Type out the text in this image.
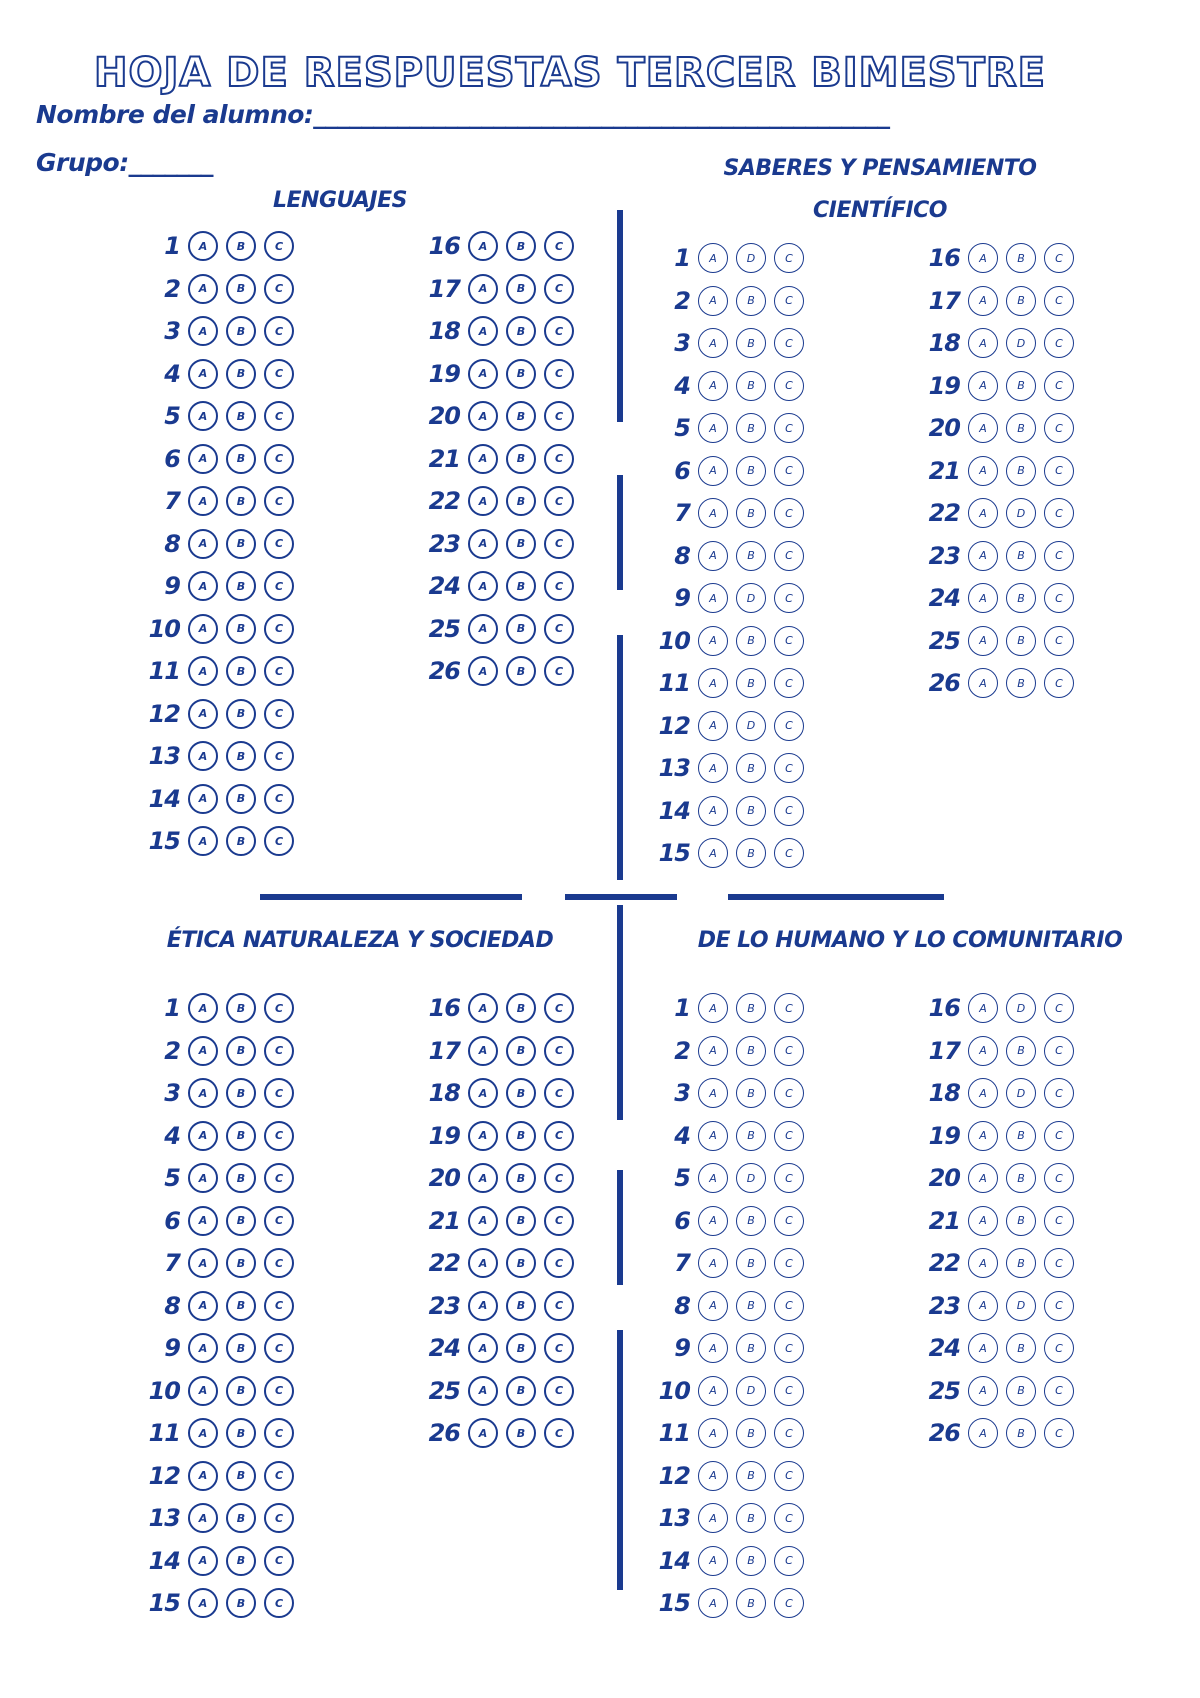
HOJA DE RESPUESTAS TERCER BIMESTRE
Nombre del alumno:________________________________________________
Grupo:_______
LENGUAJES
SABERES Y PENSAMIENTO CIENTÍFICO
ÉTICA NATURALEZA Y SOCIEDAD	DE LO HUMANO Y LO COMUNITARIO
1	A	B	C
2	A	B	C
3	A	B	C
4	A	B	C
5	A	B	C
6	A	B	C
7	A	B	C
8	A	B	C
9	A	B	C
10	A	B	C
11	A	B	C
12	A	B	C
13	A	B	C
14	A	B	C
15	A	B	C
16	A	B	C
17	A	B	C
18	A	B	C
19	A	B	C
20	A	B	C
21	A	B	C
22	A	B	C
23	A	B	C
24	A	B	C
25	A	B	C
26	A	B	C
1	A	D	C
2	A	B	C
3	A	B	C
4	A	B	C
5	A	B	C
6	A	B	C
7	A	B	C
8	A	B	C
9	A	D	C
10	A	B	C
11	A	B	C
12	A	D	C
13	A	B	C
14	A	B	C
15	A	B	C
16	A	B	C
17	A	B	C
18	A	D	C
19	A	B	C
20	A	B	C
21	A	B	C
22	A	D	C
23	A	B	C
24	A	B	C
25	A	B	C
26	A	B	C
1	A	B	C
2	A	B	C
3	A	B	C
4	A	B	C
5	A	B	C
6	A	B	C
7	A	B	C
8	A	B	C
9	A	B	C
10	A	B	C
11	A	B	C
12	A	B	C
13	A	B	C
14	A	B	C
15	A	B	C
16	A	B	C
17	A	B	C
18	A	B	C
19	A	B	C
20	A	B	C
21	A	B	C
22	A	B	C
23	A	B	C
24	A	B	C
25	A	B	C
26	A	B	C
1	A	B	C
2	A	B	C
3	A	B	C
4	A	B	C
5	A	D	C
6	A	B	C
7	A	B	C
8	A	B	C
9	A	B	C
10	A	D	C
11	A	B	C
12	A	B	C
13	A	B	C
14	A	B	C
15	A	B	C
16	A	D	C
17	A	B	C
18	A	D	C
19	A	B	C
20	A	B	C
21	A	B	C
22	A	B	C
23	A	D	C
24	A	B	C
25	A	B	C
26	A	B	C
